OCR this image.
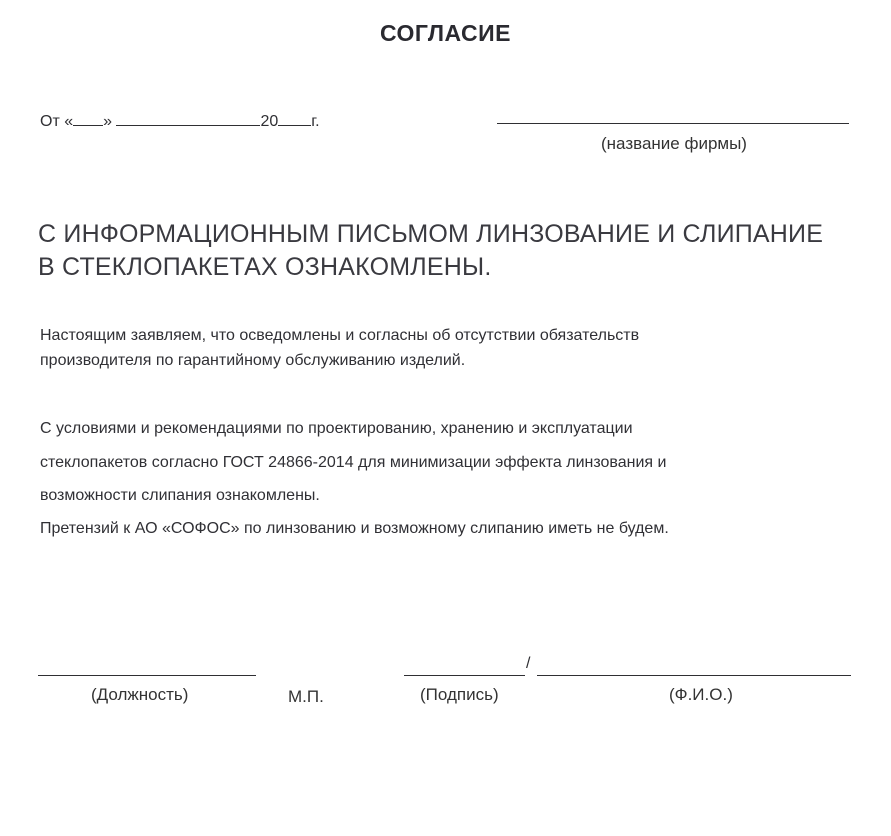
СОГЛАСИЕ
От « »	20 г.
(название фирмы)
С ИНФОРМАЦИОННЫМ ПИСЬМОМ ЛИНЗОВАНИЕ И СЛИПАНИЕ
В СТЕКЛОПАКЕТАХ ОЗНАКОМЛЕНЫ.
Настоящим заявляем, что осведомлены и согласны об отсутствии обязательств
производителя по гарантийному обслуживанию изделий.
С условиями и рекомендациями по проектированию, хранению и эксплуатации
стеклопакетов согласно ГОСТ 24866-2014 для минимизации эффекта линзования и
возможности слипания ознакомлены.
Претензий к АО «СОФОС» по линзованию и возможному слипанию иметь не будем.
(Должность)	М.П.
/
(Подпись)	(Ф.И.О.)
